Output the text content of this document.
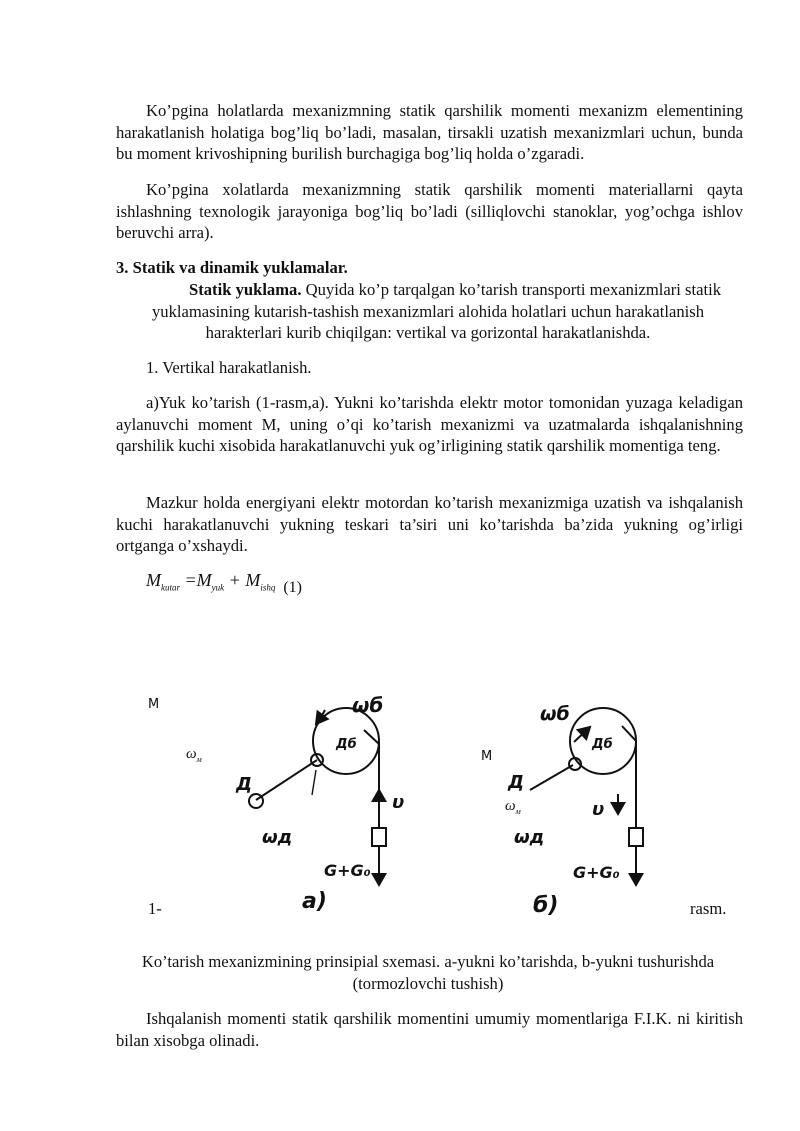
Ko’pgina holatlarda mexanizmning statik qarshilik momenti mexanizm elementining harakatlanish holatiga bog’liq bo’ladi, masalan, tirsakli uzatish mexanizmlari uchun, bunda bu moment krivoshipning burilish burchagiga bog’liq holda o’zgaradi.
Ko’pgina xolatlarda mexanizmning statik qarshilik momenti materiallarni qayta ishlashning texnologik jarayoniga bog’liq bo’ladi (silliqlovchi stanoklar, yog’ochga ishlov beruvchi arra).
3. Statik va dinamik yuklamalar.
Statik yuklama. Quyida ko’p tarqalgan ko’tarish transporti mexanizmlari statik yuklamasining kutarish-tashish mexanizmlari alohida holatlari uchun harakatlanish harakterlari kurib chiqilgan: vertikal va gorizontal harakatlanishda.
1. Vertikal harakatlanish.
a)Yuk ko’tarish (1-rasm,a). Yukni ko’tarishda elektr motor tomonidan yuzaga keladigan aylanuvchi moment M, uning o’qi ko’tarish mexanizmi va uzatmalarda ishqalanishning qarshilik kuchi xisobida harakatlanuvchi yuk og’irligining statik qarshilik momentiga teng.
Mazkur holda energiyani elektr motordan ko’tarish mexanizmiga uzatish va ishqalanish kuchi harakatlanuvchi yukning teskari ta’siri uni ko’tarishda ba’zida yukning og’irligi ortganga o’xshaydi.
$M_{kutar} =M_{yuk} + M_{ishq}$ (1)
M
$\omega_м$	M
$\omega_м$
1-	rasm.
ωб
Дб
Д
ωд
υ
G+G₀
а)
ωб
Дб
Д
ωд
υ
G+G₀
б)
Ko’tarish mexanizmining prinsipial sxemasi. a-yukni ko’tarishda, b-yukni tushurishda (tormozlovchi tushish)
Ishqalanish momenti statik qarshilik momentini umumiy momentlariga F.I.K. ni kiritish bilan xisobga olinadi.
